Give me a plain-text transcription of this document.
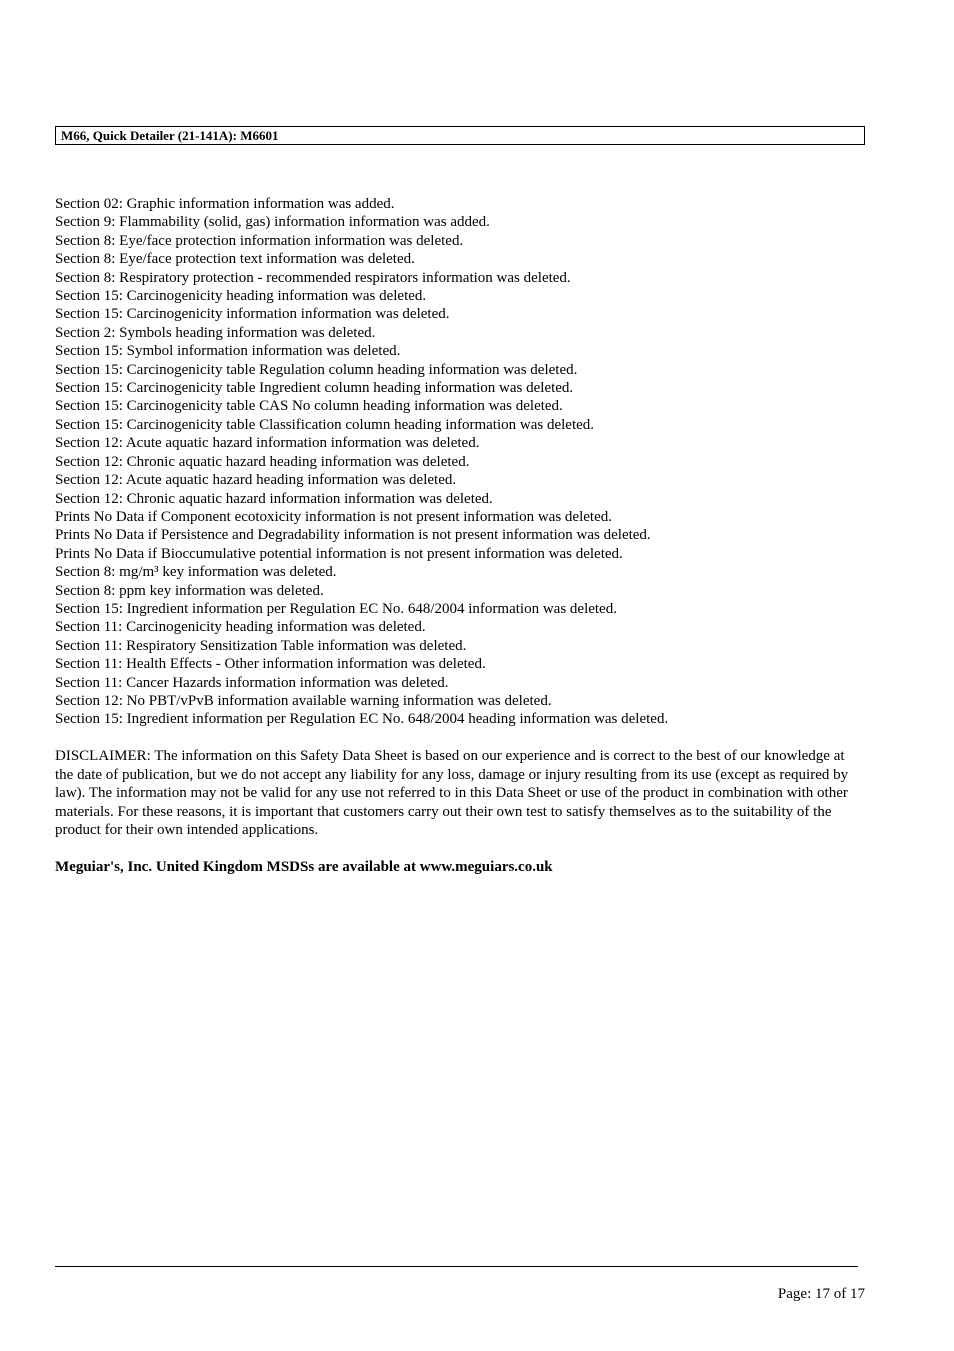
M66, Quick Detailer (21-141A): M6601
Section 02: Graphic information information was added.
Section 9: Flammability (solid, gas) information information was added.
Section 8: Eye/face protection information information was deleted.
Section 8: Eye/face protection text information was deleted.
Section 8: Respiratory protection - recommended respirators information was deleted.
Section 15: Carcinogenicity heading information was deleted.
Section 15: Carcinogenicity information information was deleted.
Section 2: Symbols heading information was deleted.
Section 15: Symbol information information was deleted.
Section 15: Carcinogenicity table Regulation column heading information was deleted.
Section 15: Carcinogenicity table Ingredient column heading information was deleted.
Section 15: Carcinogenicity table CAS No column heading information was deleted.
Section 15: Carcinogenicity table Classification column heading information was deleted.
Section 12: Acute aquatic hazard information information was deleted.
Section 12: Chronic aquatic hazard heading information was deleted.
Section 12: Acute aquatic hazard heading information was deleted.
Section 12: Chronic aquatic hazard information information was deleted.
Prints No Data if Component ecotoxicity information is not present information was deleted.
Prints No Data if Persistence and Degradability information is not present information was deleted.
Prints No Data if Bioccumulative potential information is not present information was deleted.
Section 8: mg/m³ key information was deleted.
Section 8: ppm key information was deleted.
Section 15: Ingredient information per Regulation EC No. 648/2004 information was deleted.
Section 11: Carcinogenicity heading information was deleted.
Section 11: Respiratory Sensitization Table information was deleted.
Section 11: Health Effects - Other information information was deleted.
Section 11: Cancer Hazards information information was deleted.
Section 12: No PBT/vPvB information available warning information was deleted.
Section 15: Ingredient information per Regulation EC No. 648/2004 heading information was deleted.

DISCLAIMER: The information on this Safety Data Sheet is based on our experience and is correct to the best of our knowledge at the date of publication, but we do not accept any liability for any loss, damage or injury resulting from its use (except as required by law). The information may not be valid for any use not referred to in this Data Sheet or use of the product in combination with other materials. For these reasons, it is important that customers carry out their own test to satisfy themselves as to the suitability of the product for their own intended applications.

Meguiar's, Inc. United Kingdom MSDSs are available at www.meguiars.co.uk
Page: 17 of 17
